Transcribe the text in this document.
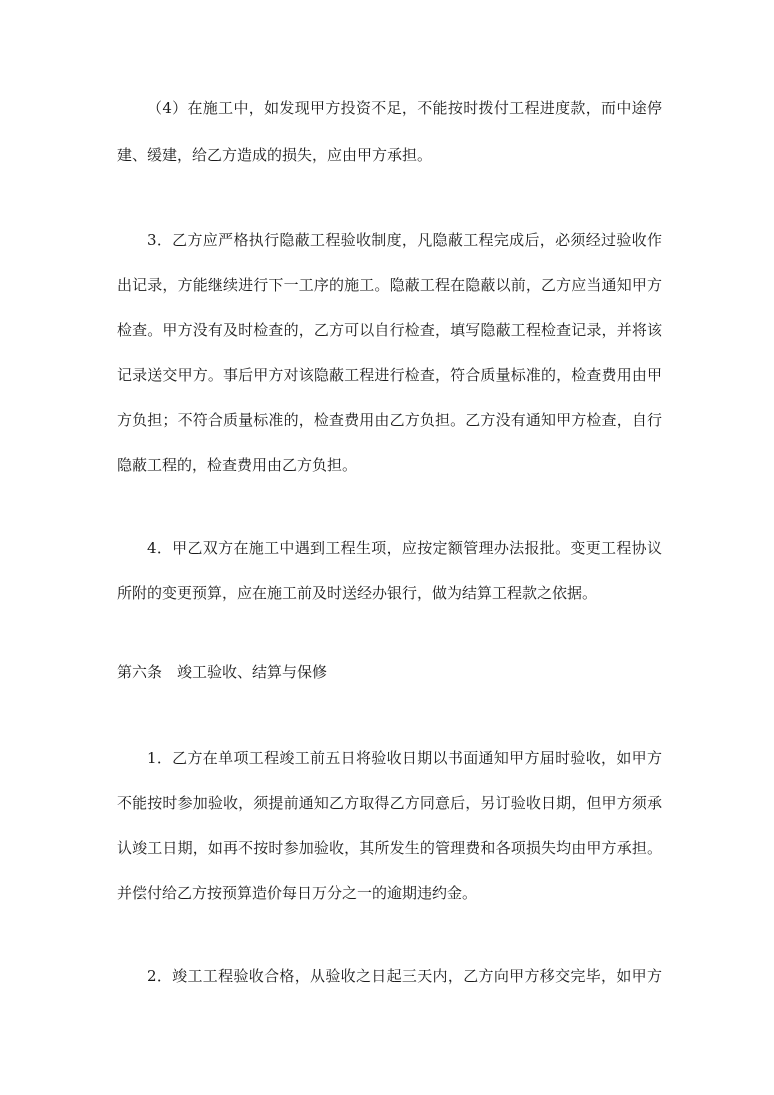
（4）在施工中，如发现甲方投资不足，不能按时拨付工程进度款，而中途停
建、缓建，给乙方造成的损失，应由甲方承担。
3．乙方应严格执行隐蔽工程验收制度，凡隐蔽工程完成后，必须经过验收作
出记录，方能继续进行下一工序的施工。隐蔽工程在隐蔽以前，乙方应当通知甲方
检查。甲方没有及时检查的，乙方可以自行检查，填写隐蔽工程检查记录，并将该
记录送交甲方。事后甲方对该隐蔽工程进行检查，符合质量标准的，检查费用由甲
方负担；不符合质量标准的，检查费用由乙方负担。乙方没有通知甲方检查，自行
隐蔽工程的，检查费用由乙方负担。
4．甲乙双方在施工中遇到工程生项，应按定额管理办法报批。变更工程协议
所附的变更预算，应在施工前及时送经办银行，做为结算工程款之依据。
第六条　竣工验收、结算与保修
1．乙方在单项工程竣工前五日将验收日期以书面通知甲方届时验收，如甲方
不能按时参加验收，须提前通知乙方取得乙方同意后，另订验收日期，但甲方须承
认竣工日期，如再不按时参加验收，其所发生的管理费和各项损失均由甲方承担。
并偿付给乙方按预算造价每日万分之一的逾期违约金。
2．竣工工程验收合格，从验收之日起三天内，乙方向甲方移交完毕，如甲方
